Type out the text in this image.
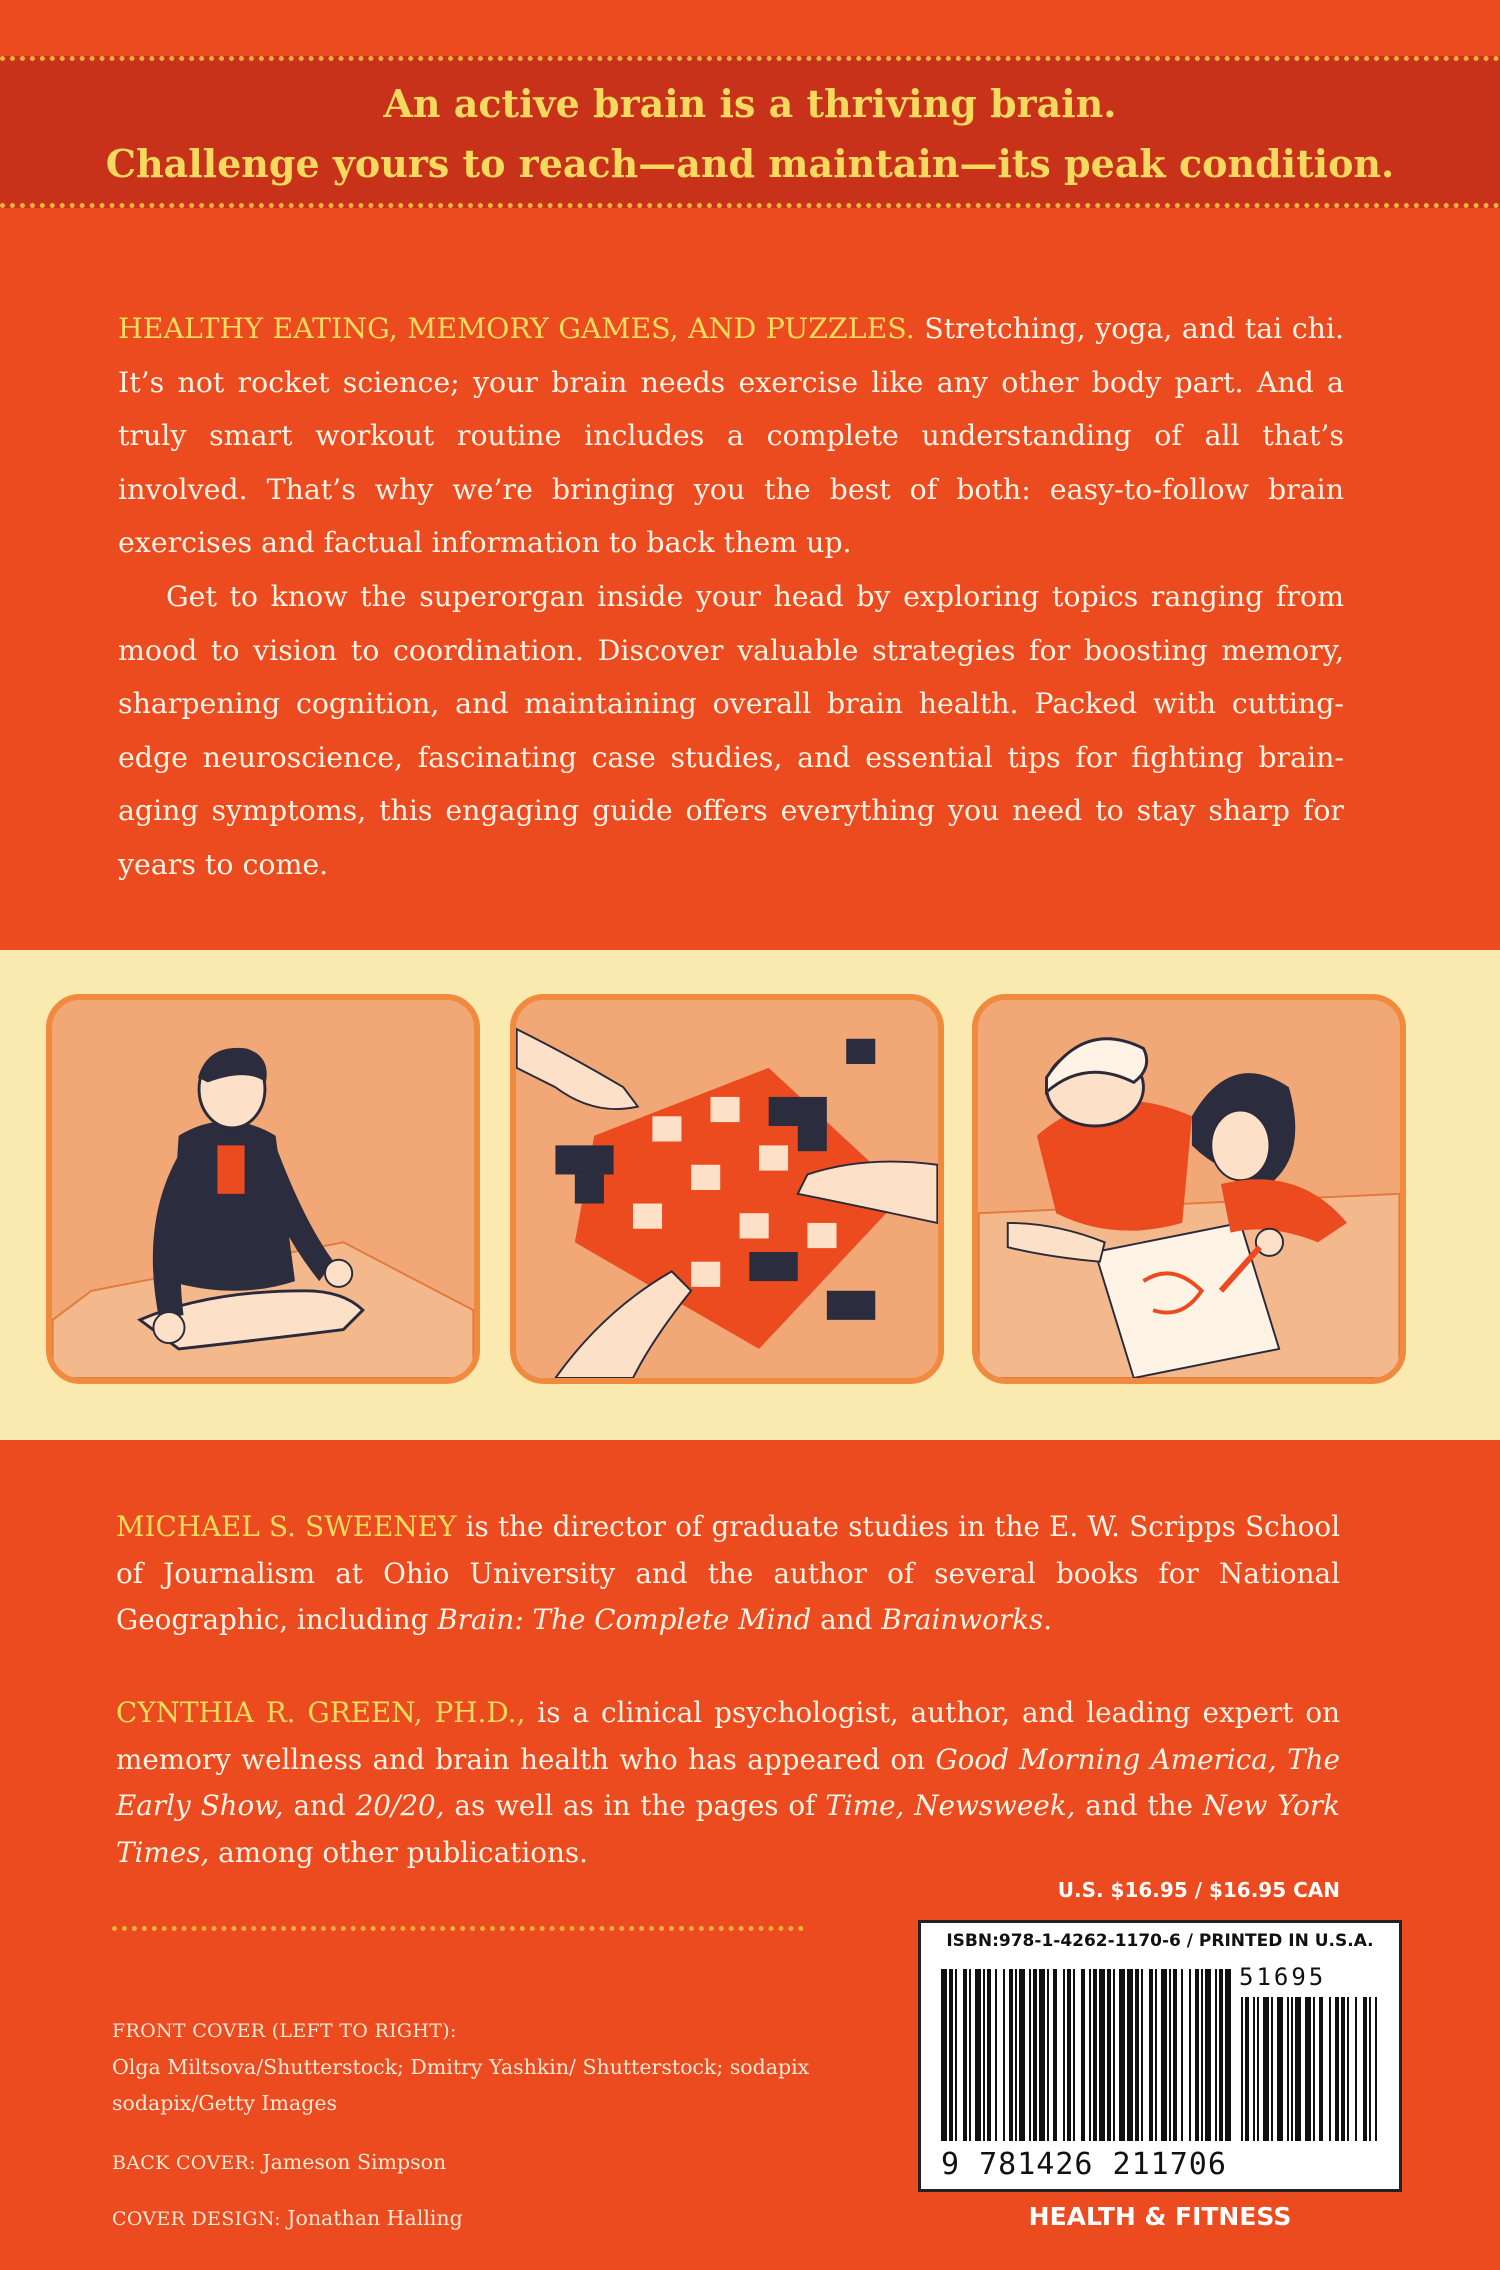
An active brain is a thriving brain.
Challenge yours to reach—and maintain—its peak condition.

HEALTHY EATING, MEMORY GAMES, AND PUZZLES. Stretching, yoga, and tai chi. It’s not rocket science; your brain needs exercise like any other body part. And a truly smart workout routine includes a complete understanding of all that’s involved. That’s why we’re bringing you the best of both: easy-to-follow brain exercises and factual information to back them up.

Get to know the superorgan inside your head by exploring topics ranging from mood to vision to coordination. Discover valuable strategies for boosting memory, sharpening cognition, and maintaining overall brain health. Packed with cutting-edge neuroscience, fascinating case studies, and essential tips for fighting brain-aging symptoms, this engaging guide offers everything you need to stay sharp for years to come.

MICHAEL S. SWEENEY is the director of graduate studies in the E. W. Scripps School of Journalism at Ohio University and the author of several books for National Geographic, including Brain: The Complete Mind and Brainworks.

CYNTHIA R. GREEN, PH.D., is a clinical psychologist, author, and leading expert on memory wellness and brain health who has appeared on Good Morning America, The Early Show, and 20/20, as well as in the pages of Time, Newsweek, and the New York Times, among other publications.

FRONT COVER (LEFT TO RIGHT):
Olga Miltsova/Shutterstock; Dmitry Yashkin/ Shutterstock; sodapix sodapix/Getty Images

BACK COVER: Jameson Simpson

COVER DESIGN: Jonathan Halling

U.S. $16.95 / $16.95 CAN
ISBN:978-1-4262-1170-6 / PRINTED IN U.S.A.
51695
9 781426 211706
HEALTH & FITNESS
